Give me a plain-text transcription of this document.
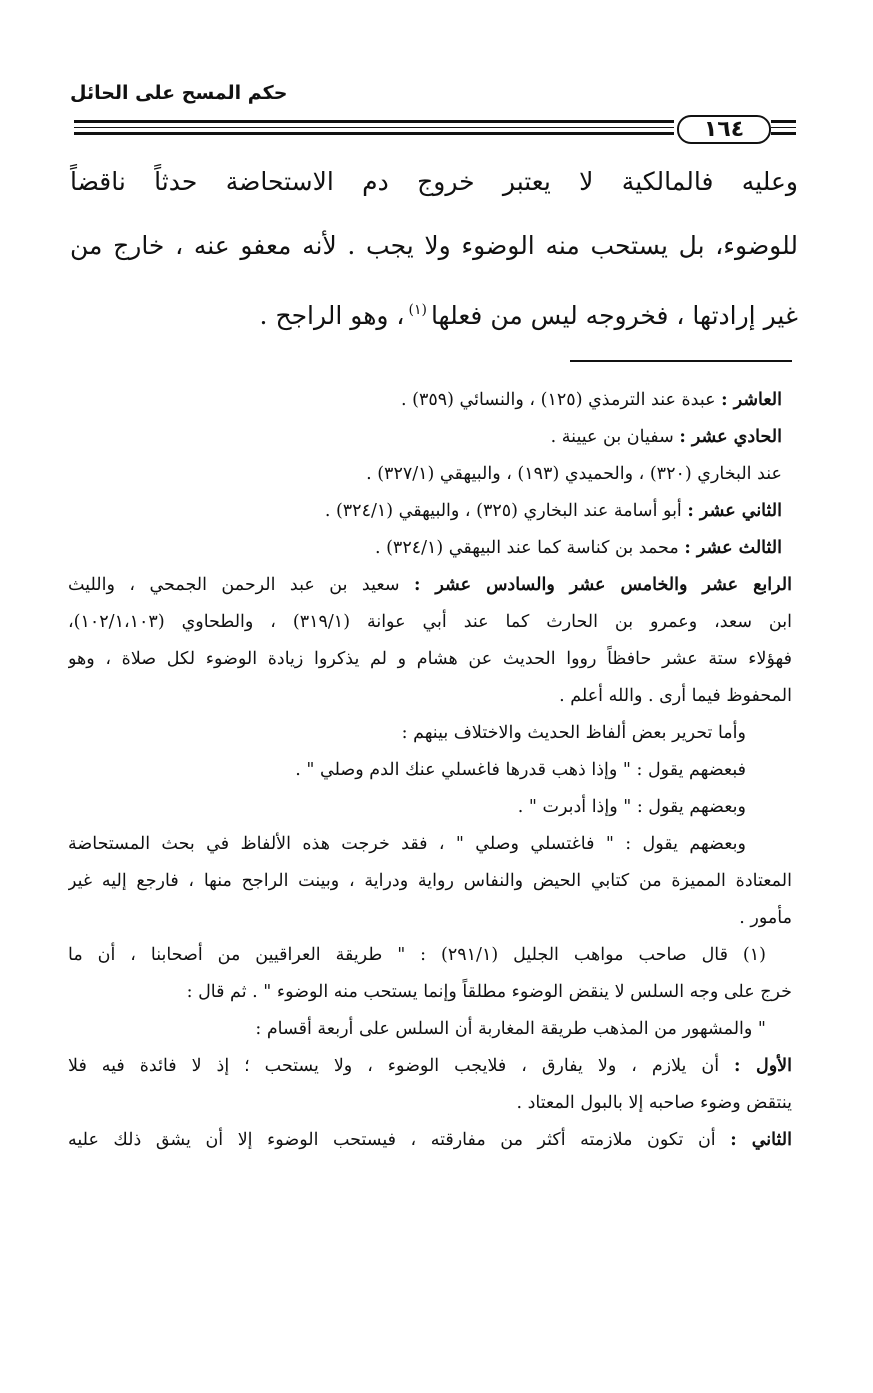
حكم المسح على الحائل
١٦٤
وعليه فالمالكية لا يعتبر خروج دم الاستحاضة حدثاً ناقضاً
للوضوء، بل يستحب منه الوضوء ولا يجب . لأنه معفو عنه ، خارج من
غير إرادتها ، فخروجه ليس من فعلها$^{(١)}$، وهو الراجح .
العاشر : عبدة عند الترمذي (١٢٥) ، والنسائي (٣٥٩) .
الحادي عشر : سفيان بن عيينة .
عند البخاري (٣٢٠) ، والحميدي (١٩٣) ، والبيهقي (٣٢٧/١) .
الثاني عشر : أبو أسامة عند البخاري (٣٢٥) ، والبيهقي (٣٢٤/١) .
الثالث عشر : محمد بن كناسة كما عند البيهقي (٣٢٤/١) .
الرابع عشر والخامس عشر والسادس عشر : سعيد بن عبد الرحمن الجمحي ، والليث
ابن سعد، وعمرو بن الحارث كما عند أبي عوانة (٣١٩/١) ، والطحاوي (١٠٢/١،١٠٣)،
فهؤلاء ستة عشر حافظاً رووا الحديث عن هشام و لم يذكروا زيادة الوضوء لكل صلاة ، وهو
المحفوظ فيما أرى . والله أعلم .
وأما تحرير بعض ألفاظ الحديث والاختلاف بينهم :
فبعضهم يقول : " وإذا ذهب قدرها فاغسلي عنك الدم وصلي " .
وبعضهم يقول : " وإذا أدبرت " .
وبعضهم يقول : " فاغتسلي وصلي " ، فقد خرجت هذه الألفاظ في بحث المستحاضة
المعتادة المميزة من كتابي الحيض والنفاس رواية ودراية ، وبينت الراجح منها ، فارجع إليه غير
مأمور .
(١) قال صاحب مواهب الجليل (٢٩١/١) : " طريقة العراقيين من أصحابنا ، أن ما
خرج على وجه السلس لا ينقض الوضوء مطلقاً وإنما يستحب منه الوضوء " . ثم قال :
" والمشهور من المذهب طريقة المغاربة أن السلس على أربعة أقسام :
الأول : أن يلازم ، ولا يفارق ، فلايجب الوضوء ، ولا يستحب ؛ إذ لا فائدة فيه فلا
ينتقض وضوء صاحبه إلا بالبول المعتاد .
الثاني : أن تكون ملازمته أكثر من مفارقته ، فيستحب الوضوء إلا أن يشق ذلك عليه
